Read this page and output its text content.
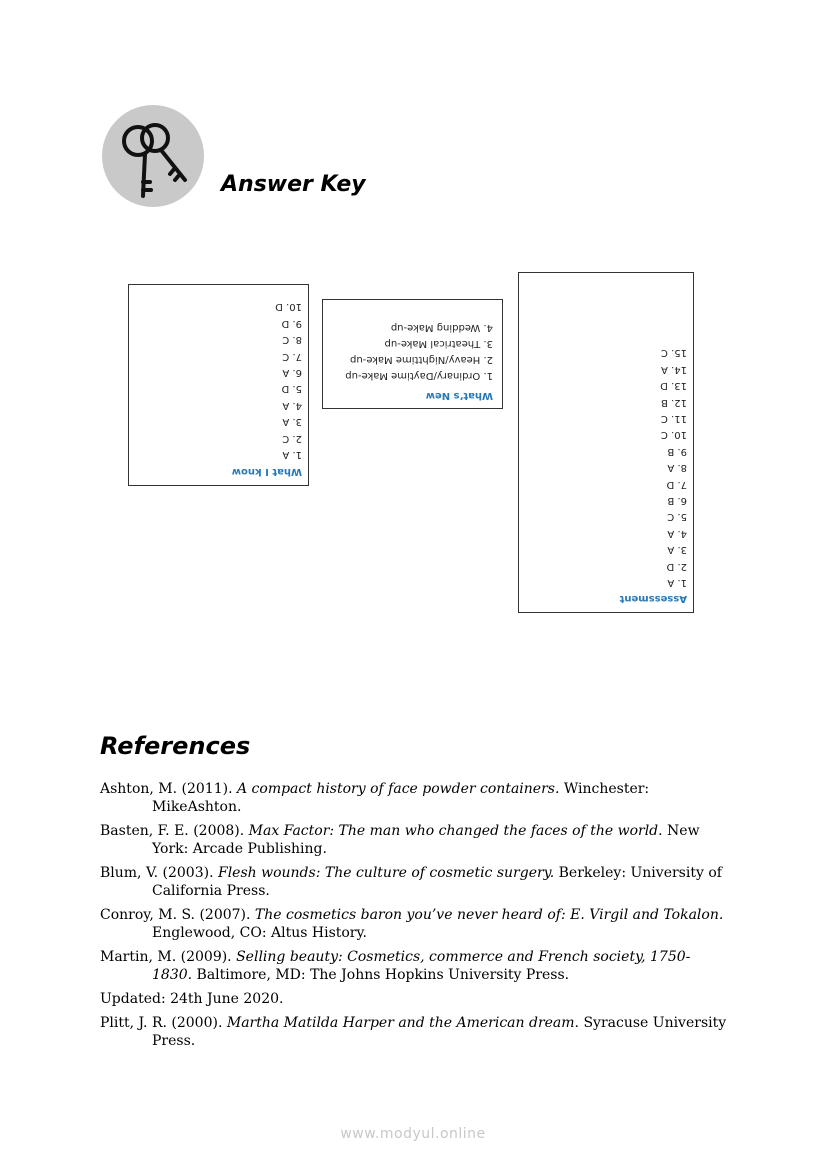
Answer Key
What I know
1. A
2. C
3. A
4. A
5. D
6. A
7. C
8. C
9. D
10. D
What’s New
1. Ordinary/Daytime Make-up
2. Heavy/Nighttime Make-up
3. Theatrical Make-up
4. Wedding Make-up
Assessment
1. A
2. D
3. A
4. A
5. C
6. B
7. D
8. A
9. B
10. C
11. C
12. B
13. D
14. A
15. C
References

Ashton, M. (2011). A compact history of face powder containers. Winchester: MikeAshton.

Basten, F. E. (2008). Max Factor: The man who changed the faces of the world. New York: Arcade Publishing.

Blum, V. (2003). Flesh wounds: The culture of cosmetic surgery. Berkeley: University of California Press.

Conroy, M. S. (2007). The cosmetics baron you’ve never heard of: E. Virgil and Tokalon. Englewood, CO: Altus History.

Martin, M. (2009). Selling beauty: Cosmetics, commerce and French society, 1750-1830. Baltimore, MD: The Johns Hopkins University Press.

Updated: 24th June 2020.

Plitt, J. R. (2000). Martha Matilda Harper and the American dream. Syracuse University Press.

www.modyul.online
